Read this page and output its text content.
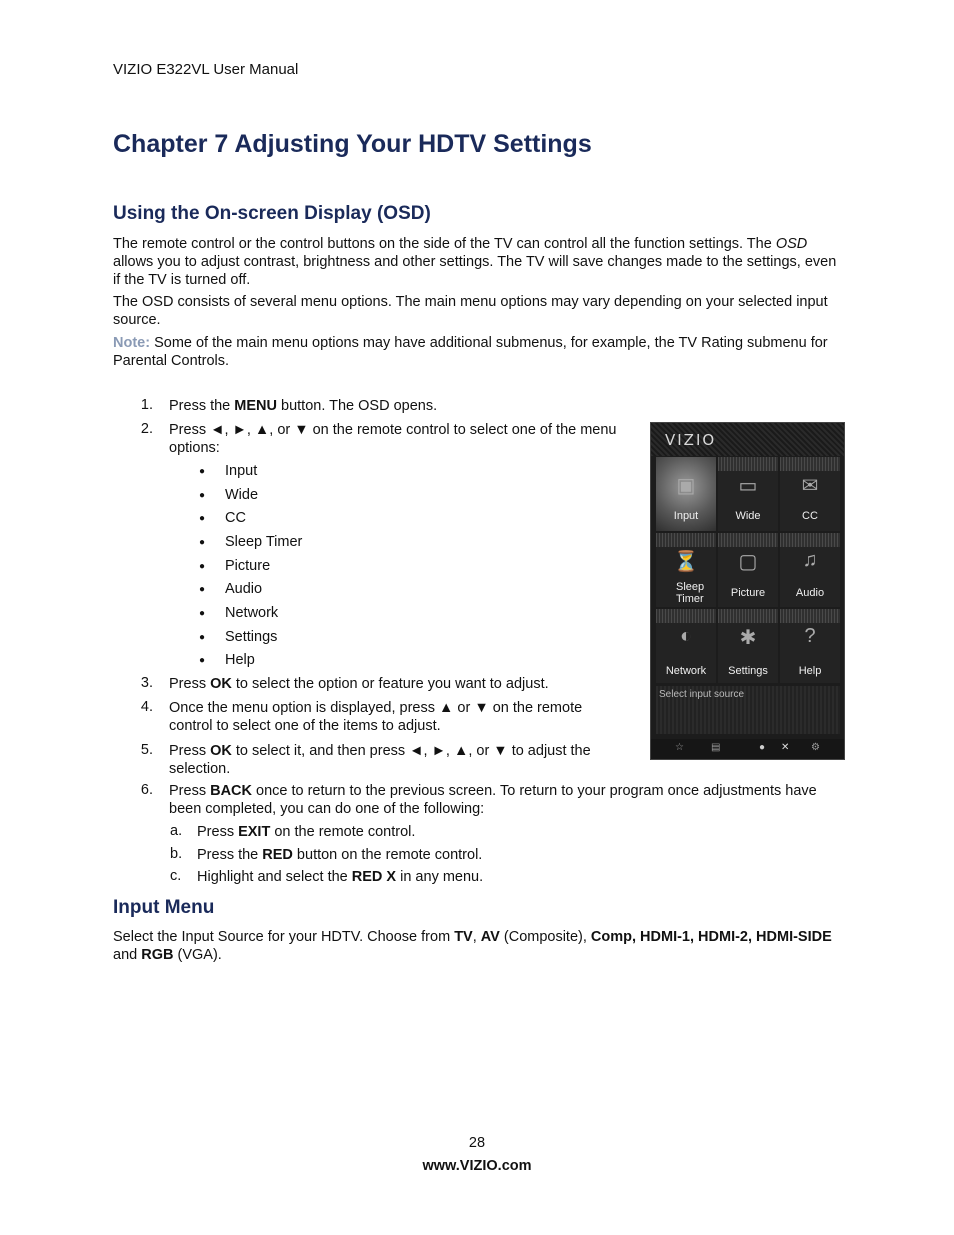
VIZIO E322VL User Manual
Chapter 7 Adjusting Your HDTV Settings
Using the On-screen Display (OSD)

The remote control or the control buttons on the side of the TV can control all the function settings. The OSD allows you to adjust contrast, brightness and other settings. The TV will save changes made to the settings, even if the TV is turned off.

The OSD consists of several menu options. The main menu options may vary depending on your selected input source.

Note: Some of the main menu options may have additional submenus, for example, the TV Rating submenu for Parental Controls.

1. Press the MENU button. The OSD opens.
2. Press ◄, ►, ▲, or ▼ on the remote control to select one of the menu options:
● Input
● Wide
● CC
● Sleep Timer
● Picture
● Audio
● Network
● Settings
● Help
3. Press OK to select the option or feature you want to adjust.
4. Once the menu option is displayed, press ▲ or ▼ on the remote control to select one of the items to adjust.
5. Press OK to select it, and then press ◄, ►, ▲, or ▼ to adjust the selection.
6. Press BACK once to return to the previous screen. To return to your program once adjustments have been completed, you can do one of the following:
a. Press EXIT on the remote control.
b. Press the RED button on the remote control.
c. Highlight and select the RED X in any menu.
Input Menu

Select the Input Source for your HDTV. Choose from TV, AV (Composite), Comp, HDMI-1, HDMI-2, HDMI-SIDE and RGB (VGA).

VIZIO
▣
Input
▭
Wide
✉
CC
⏳
Sleep Timer
▢
Picture
♫
Audio
◐
Network
✱
Settings
?
Help
Select input source
☆	▤	● ✕ ⚙
28
www.VIZIO.com
